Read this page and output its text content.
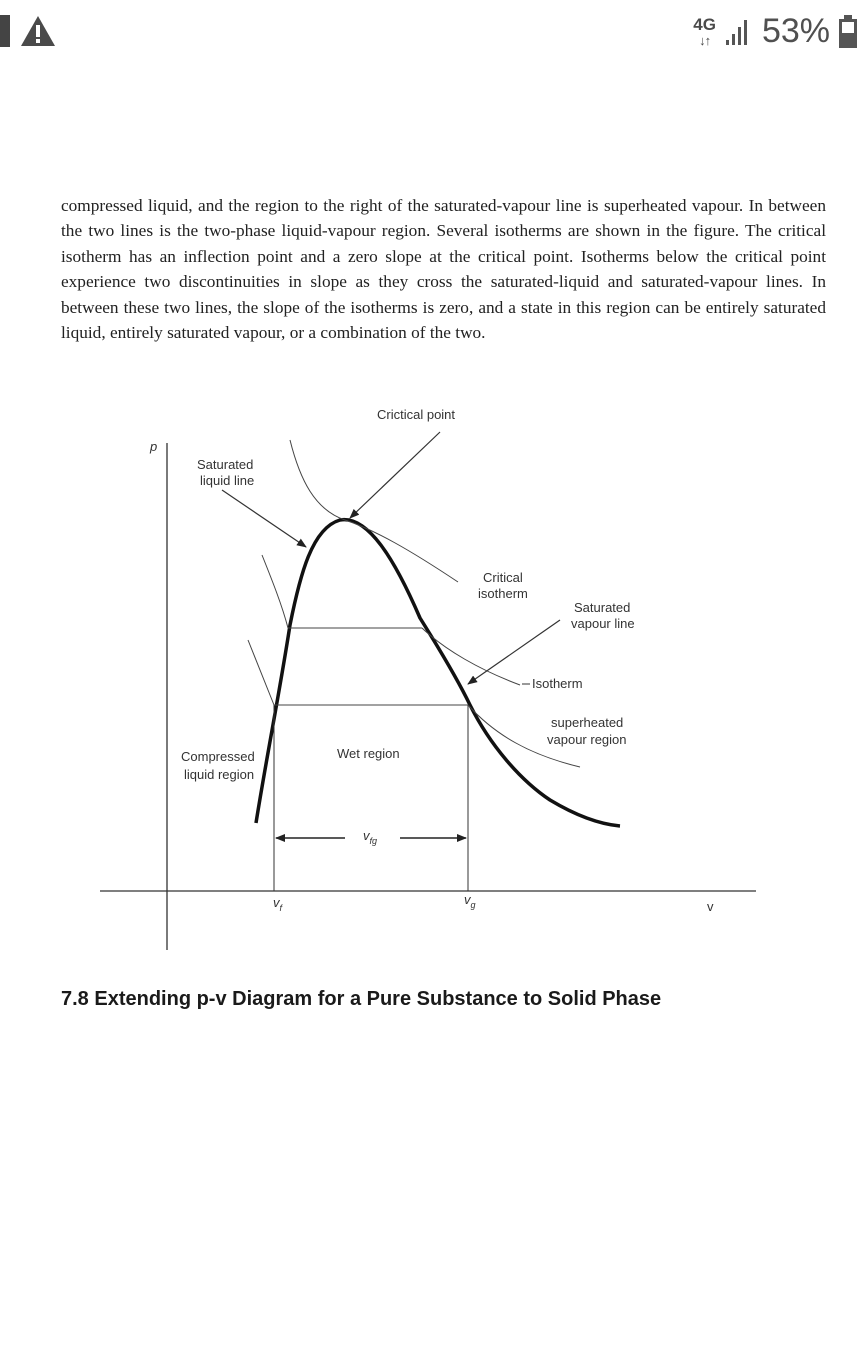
4G
↓↑ 53%

compressed liquid, and the region to the right of the saturated-vapour line is superheated vapour. In between the two lines is the two-phase liquid-vapour region. Several isotherms are shown in the figure. The critical isotherm has an inflection point and a zero slope at the critical point. Isotherms below the critical point experience two discontinuities in slope as they cross the saturated-liquid and saturated-vapour lines. In between these two lines, the slope of the isotherms is zero, and a state in this region can be entirely saturated liquid, entirely saturated vapour, or a combination of the two.

p
Crictical point
Saturated
liquid line
Critical
isotherm
Saturated
vapour line
Isotherm
superheated
vapour region
Wet region
Compressed
liquid region
$v_{fg}$
$v_f$
$v_g$	v
7.8 Extending p-v Diagram for a Pure Substance to Solid Phase
